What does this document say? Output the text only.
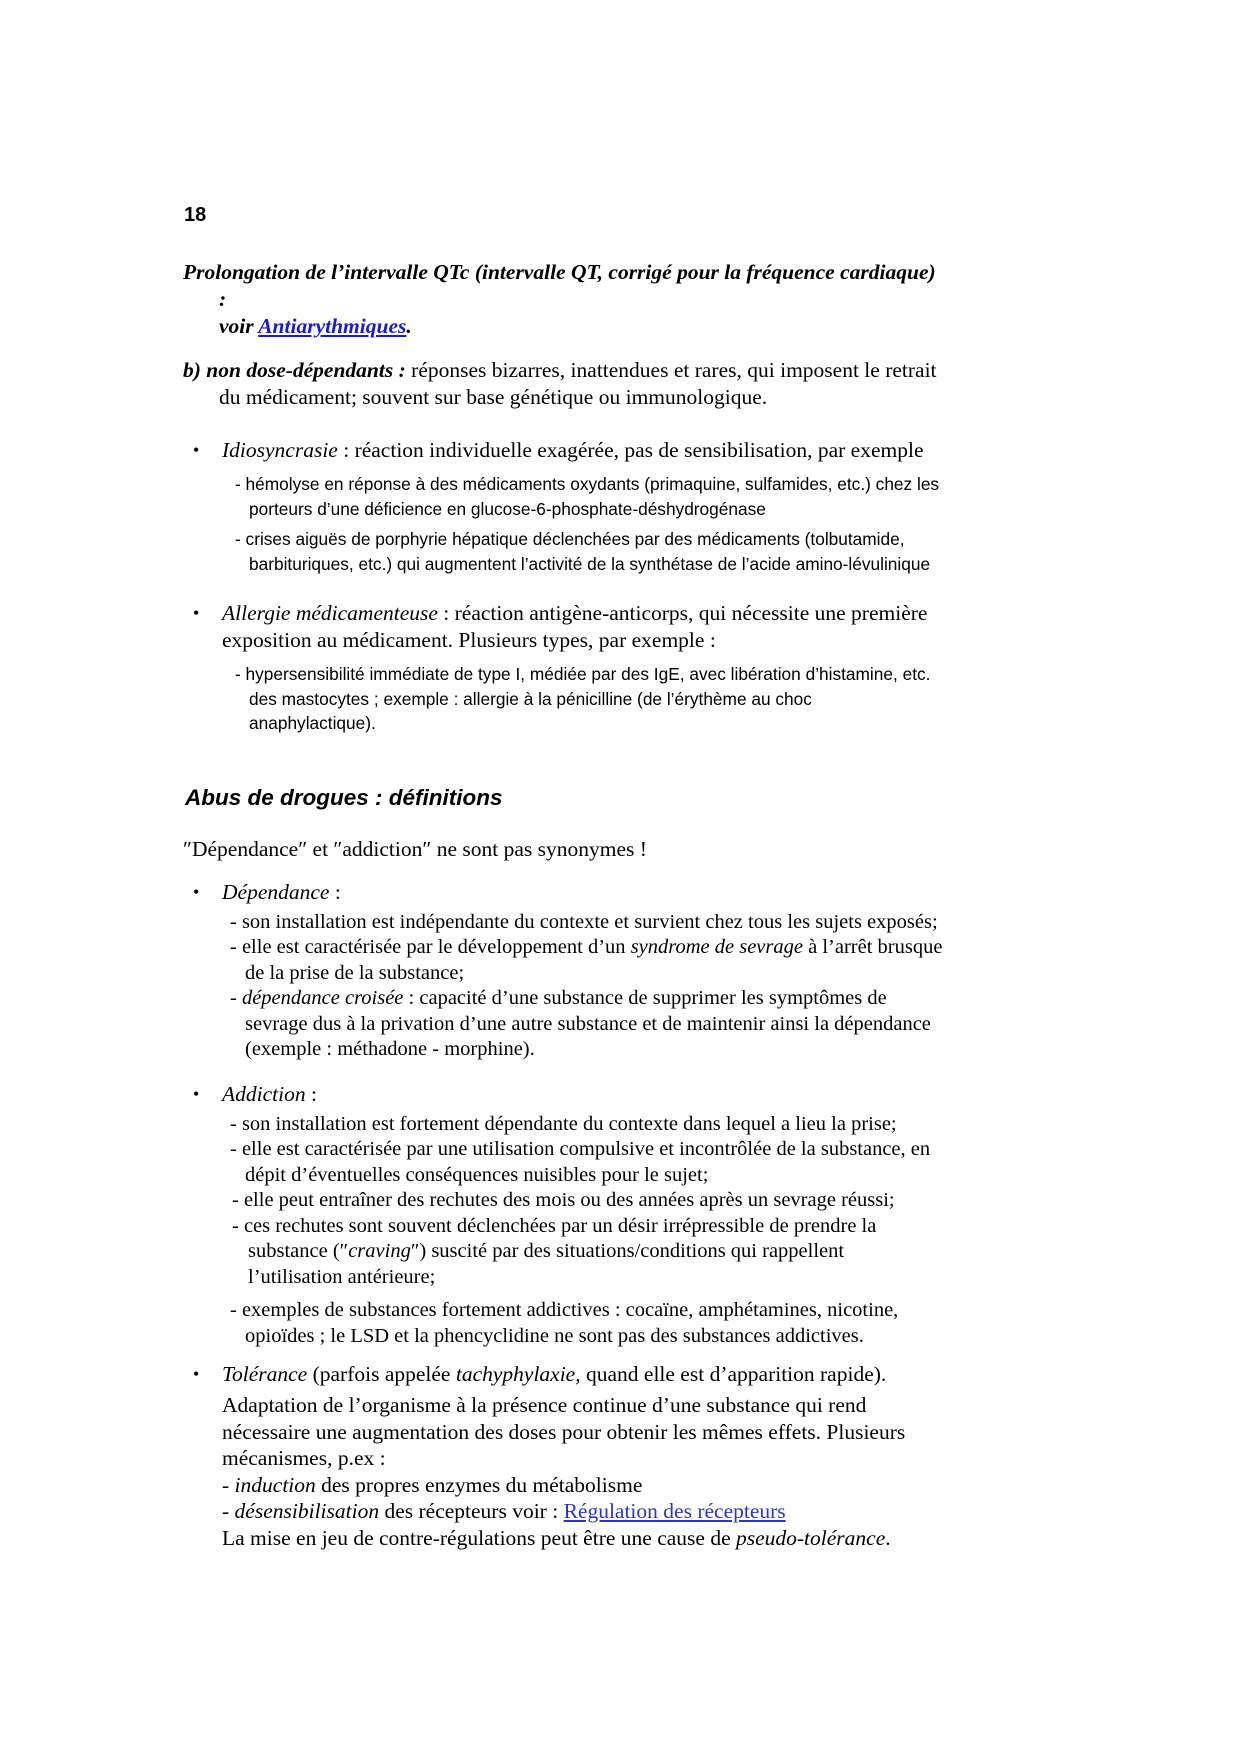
18
Prolongation de l’intervalle QTc (intervalle QT, corrigé pour la fréquence cardiaque) :
voir Antiarythmiques.
b) non dose-dépendants : réponses bizarres, inattendues et rares, qui imposent le retrait du médicament; souvent sur base génétique ou immunologique.
• Idiosyncrasie : réaction individuelle exagérée, pas de sensibilisation, par exemple
- hémolyse en réponse à des médicaments oxydants (primaquine, sulfamides, etc.) chez les porteurs d’une déficience en glucose-6-phosphate-déshydrogénase
- crises aiguës de porphyrie hépatique déclenchées par des médicaments (tolbutamide, barbituriques, etc.) qui augmentent l’activité de la synthétase de l’acide amino-lévulinique
• Allergie médicamenteuse : réaction antigène-anticorps, qui nécessite une première exposition au médicament. Plusieurs types, par exemple :
- hypersensibilité immédiate de type I, médiée par des IgE, avec libération d’histamine, etc. des mastocytes ; exemple : allergie à la pénicilline (de l’érythème au choc anaphylactique).
Abus de drogues : définitions
″Dépendance″ et ″addiction″ ne sont pas synonymes !
• Dépendance :
- son installation est indépendante du contexte et survient chez tous les sujets exposés;
- elle est caractérisée par le développement d’un syndrome de sevrage à l’arrêt brusque de la prise de la substance;
- dépendance croisée : capacité d’une substance de supprimer les symptômes de sevrage dus à la privation d’une autre substance et de maintenir ainsi la dépendance (exemple : méthadone - morphine).
• Addiction :
- son installation est fortement dépendante du contexte dans lequel a lieu la prise;
- elle est caractérisée par une utilisation compulsive et incontrôlée de la substance, en dépit d’éventuelles conséquences nuisibles pour le sujet;
- elle peut entraîner des rechutes des mois ou des années après un sevrage réussi;
- ces rechutes sont souvent déclenchées par un désir irrépressible de prendre la substance (″craving″) suscité par des situations/conditions qui rappellent l’utilisation antérieure;
- exemples de substances fortement addictives : cocaïne, amphétamines, nicotine, opioïdes ; le LSD et la phencyclidine ne sont pas des substances addictives.
• Tolérance (parfois appelée tachyphylaxie, quand elle est d’apparition rapide).
Adaptation de l’organisme à la présence continue d’une substance qui rend nécessaire une augmentation des doses pour obtenir les mêmes effets. Plusieurs mécanismes, p.ex :
- induction des propres enzymes du métabolisme
- désensibilisation des récepteurs voir : Régulation des récepteurs
La mise en jeu de contre-régulations peut être une cause de pseudo-tolérance.
